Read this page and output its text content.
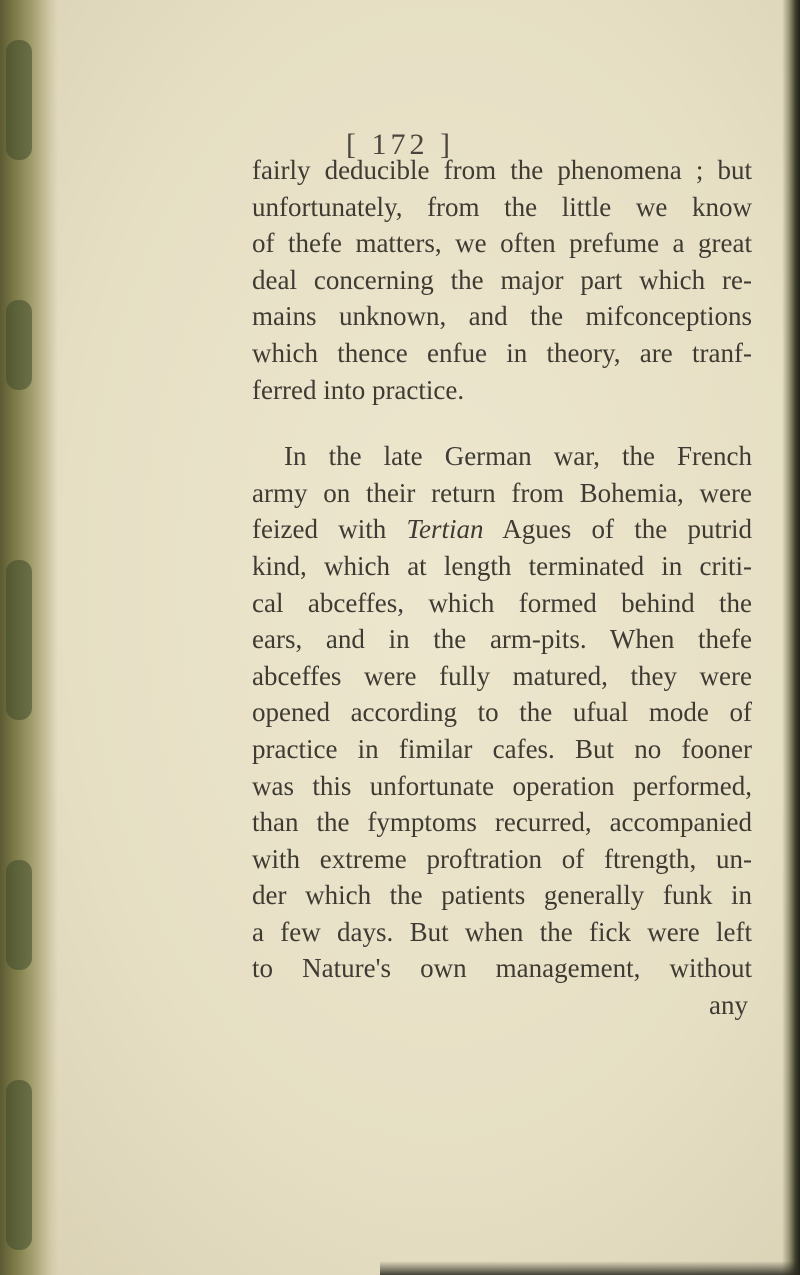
[ 172 ]
fairly deducible from the phenomena ; but
unfortunately, from the little we know
of thefe matters, we often prefume a great
deal concerning the major part which re-
mains unknown, and the mifconceptions
which thence enfue in theory, are tranf-
ferred into practice.
In the late German war, the French
army on their return from Bohemia, were
feized with Tertian Agues of the putrid
kind, which at length terminated in criti-
cal abceffes, which formed behind the
ears, and in the arm-pits. When thefe
abceffes were fully matured, they were
opened according to the ufual mode of
practice in fimilar cafes. But no fooner
was this unfortunate operation performed,
than the fymptoms recurred, accompanied
with extreme proftration of ftrength, un-
der which the patients generally funk in
a few days. But when the fick were left
to Nature's own management, without
any
